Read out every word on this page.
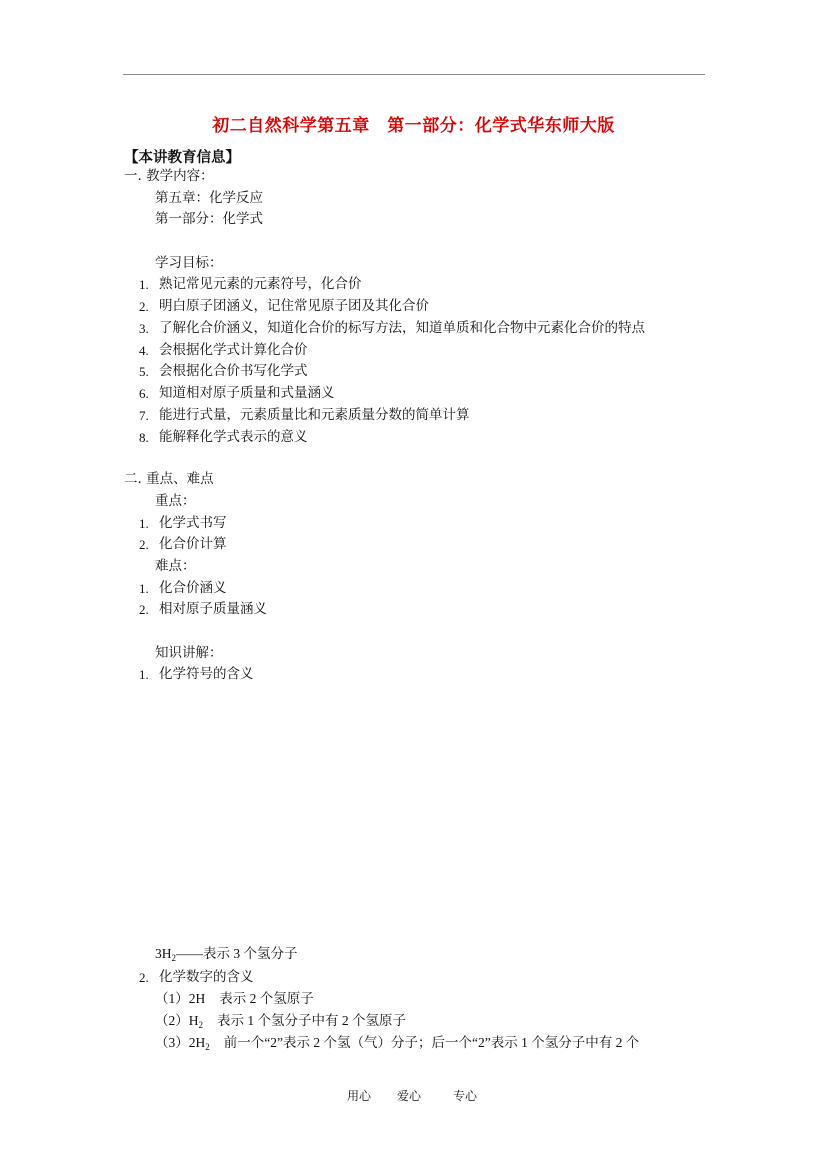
初二自然科学第五章　第一部分：化学式华东师大版
【本讲教育信息】
一. 教学内容：
第五章：化学反应
第一部分：化学式
学习目标：
1. 熟记常见元素的元素符号，化合价
2. 明白原子团涵义，记住常见原子团及其化合价
3. 了解化合价涵义，知道化合价的标写方法，知道单质和化合物中元素化合价的特点
4. 会根据化学式计算化合价
5. 会根据化合价书写化学式
6. 知道相对原子质量和式量涵义
7. 能进行式量，元素质量比和元素质量分数的简单计算
8. 能解释化学式表示的意义
二. 重点、难点
重点：
1. 化学式书写
2. 化合价计算
难点：
1. 化合价涵义
2. 相对原子质量涵义
知识讲解：
1. 化学符号的含义
$3H_2——$表示 3 个氢分子
2. 化学数字的含义
（1）2H 表示 2 个氢原子
$(2)H_2$ 表示 1 个氢分子中有 2 个氢原子
$(3)2H_2$ 前一个“2”表示 2 个氢（气）分子；后一个“2”表示 1 个氢分子中有 2 个
用心 爱心	专心
